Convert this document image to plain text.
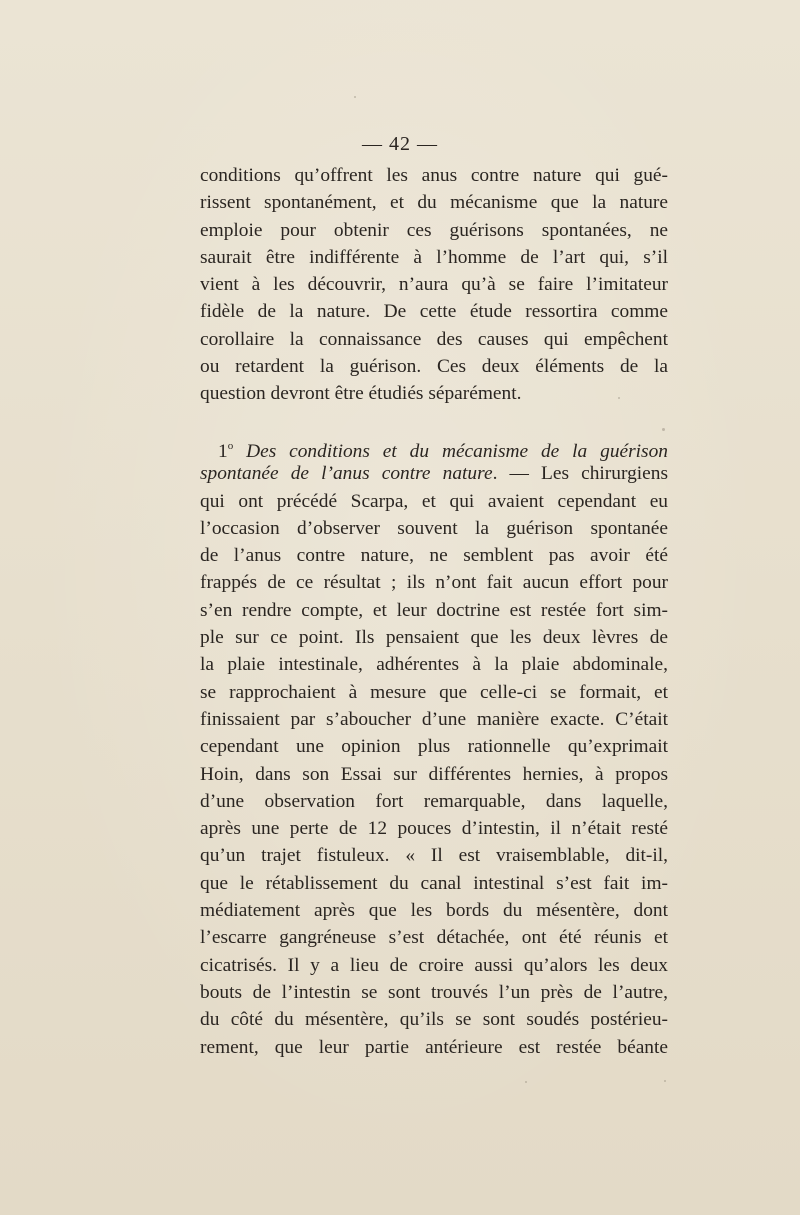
— 42 —
conditions qu’offrent les anus contre nature qui gué-
rissent spontanément, et du mécanisme que la nature
emploie pour obtenir ces guérisons spontanées, ne
saurait être indifférente à l’homme de l’art qui, s’il
vient à les découvrir, n’aura qu’à se faire l’imitateur
fidèle de la nature. De cette étude ressortira comme
corollaire la connaissance des causes qui empêchent
ou retardent la guérison. Ces deux éléments de la
question devront être étudiés séparément.
1$^o$ Des conditions et du mécanisme de la guérison
spontanée de l’anus contre nature. — Les chirurgiens
qui ont précédé Scarpa, et qui avaient cependant eu
l’occasion d’observer souvent la guérison spontanée
de l’anus contre nature, ne semblent pas avoir été
frappés de ce résultat ; ils n’ont fait aucun effort pour
s’en rendre compte, et leur doctrine est restée fort sim-
ple sur ce point. Ils pensaient que les deux lèvres de
la plaie intestinale, adhérentes à la plaie abdominale,
se rapprochaient à mesure que celle-ci se formait, et
finissaient par s’aboucher d’une manière exacte. C’était
cependant une opinion plus rationnelle qu’exprimait
Hoin, dans son Essai sur différentes hernies, à propos
d’une observation fort remarquable, dans laquelle,
après une perte de 12 pouces d’intestin, il n’était resté
qu’un trajet fistuleux. « Il est vraisemblable, dit-il,
que le rétablissement du canal intestinal s’est fait im-
médiatement après que les bords du mésentère, dont
l’escarre gangréneuse s’est détachée, ont été réunis et
cicatrisés. Il y a lieu de croire aussi qu’alors les deux
bouts de l’intestin se sont trouvés l’un près de l’autre,
du côté du mésentère, qu’ils se sont soudés postérieu-
rement, que leur partie antérieure est restée béante
